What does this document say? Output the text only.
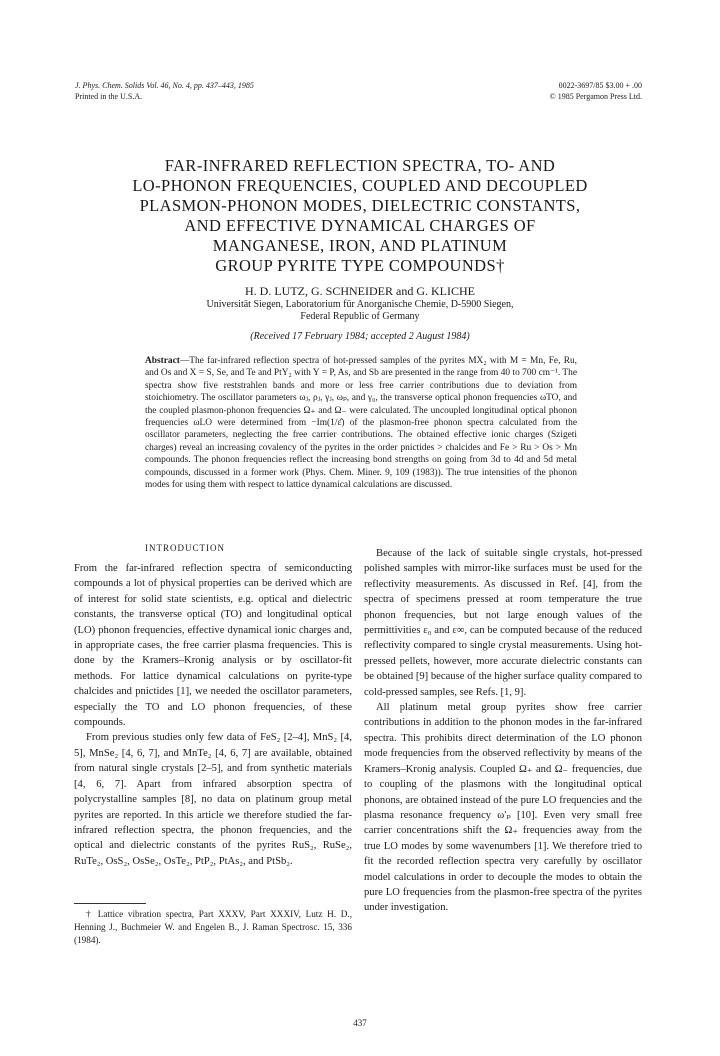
J. Phys. Chem. Solids Vol. 46, No. 4, pp. 437–443, 1985
Printed in the U.S.A.
0022-3697/85 $3.00 + .00
© 1985 Pergamon Press Ltd.
FAR-INFRARED REFLECTION SPECTRA, TO- AND
LO-PHONON FREQUENCIES, COUPLED AND DECOUPLED
PLASMON-PHONON MODES, DIELECTRIC CONSTANTS,
AND EFFECTIVE DYNAMICAL CHARGES OF
MANGANESE, IRON, AND PLATINUM
GROUP PYRITE TYPE COMPOUNDS†
H. D. LUTZ, G. SCHNEIDER and G. KLICHE
Universität Siegen, Laboratorium für Anorganische Chemie, D-5900 Siegen,
Federal Republic of Germany
(Received 17 February 1984; accepted 2 August 1984)
Abstract—The far-infrared reflection spectra of hot-pressed samples of the pyrites MX₂ with M = Mn, Fe, Ru, and Os and X = S, Se, and Te and PtY₂ with Y = P, As, and Sb are presented in the range from 40 to 700 cm⁻¹. The spectra show five reststrahlen bands and more or less free carrier contributions due to deviation from stoichiometry. The oscillator parameters ωⱼ, ρⱼ, γⱼ, ωₚ, and γ₀, the transverse optical phonon frequencies ωTO, and the coupled plasmon-phonon frequencies Ω₊ and Ω₋ were calculated. The uncoupled longitudinal optical phonon frequencies ωLO were determined from −Im(1/ε̂) of the plasmon-free phonon spectra calculated from the oscillator parameters, neglecting the free carrier contributions. The obtained effective ionic charges (Szigeti charges) reveal an increasing covalency of the pyrites in the order pnictides > chalcides and Fe > Ru > Os > Mn compounds. The phonon frequencies reflect the increasing bond strengths on going from 3d to 4d and 5d metal compounds, discussed in a former work (Phys. Chem. Miner. 9, 109 (1983)). The true intensities of the phonon modes for using them with respect to lattice dynamical calculations are discussed.
INTRODUCTION

From the far-infrared reflection spectra of semiconducting compounds a lot of physical properties can be derived which are of interest for solid state scientists, e.g. optical and dielectric constants, the transverse optical (TO) and longitudinal optical (LO) phonon frequencies, effective dynamical ionic charges and, in appropriate cases, the free carrier plasma frequencies. This is done by the Kramers–Kronig analysis or by oscillator-fit methods. For lattice dynamical calculations on pyrite-type chalcides and pnictides [1], we needed the oscillator parameters, especially the TO and LO phonon frequencies, of these compounds.

From previous studies only few data of FeS₂ [2–4], MnS₂ [4, 5], MnSe₂ [4, 6, 7], and MnTe₂ [4, 6, 7] are available, obtained from natural single crystals [2–5], and from synthetic materials [4, 6, 7]. Apart from infrared absorption spectra of polycrystalline samples [8], no data on platinum group metal pyrites are reported. In this article we therefore studied the far-infrared reflection spectra, the phonon frequencies, and the optical and dielectric constants of the pyrites RuS₂, RuSe₂, RuTe₂, OsS₂, OsSe₂, OsTe₂, PtP₂, PtAs₂, and PtSb₂.

Because of the lack of suitable single crystals, hot-pressed polished samples with mirror-like surfaces must be used for the reflectivity measurements. As discussed in Ref. [4], from the spectra of specimens pressed at room temperature the true phonon frequencies, but not large enough values of the permittivities ε₀ and ε∞, can be computed because of the reduced reflectivity compared to single crystal measurements. Using hot-pressed pellets, however, more accurate dielectric constants can be obtained [9] because of the higher surface quality compared to cold-pressed samples, see Refs. [1, 9].

All platinum metal group pyrites show free carrier contributions in addition to the phonon modes in the far-infrared spectra. This prohibits direct determination of the LO phonon mode frequencies from the observed reflectivity by means of the Kramers–Kronig analysis. Coupled Ω₊ and Ω₋ frequencies, due to coupling of the plasmons with the longitudinal optical phonons, are obtained instead of the pure LO frequencies and the plasma resonance frequency ω′ₚ [10]. Even very small free carrier concentrations shift the Ω₊ frequencies away from the true LO modes by some wavenumbers [1]. We therefore tried to fit the recorded reflection spectra very carefully by oscillator model calculations in order to decouple the modes to obtain the pure LO frequencies from the plasmon-free spectra of the pyrites under investigation.

† Lattice vibration spectra, Part XXXV, Part XXXIV, Lutz H. D., Henning J., Buchmeier W. and Engelen B., J. Raman Spectrosc. 15, 336 (1984).
437
